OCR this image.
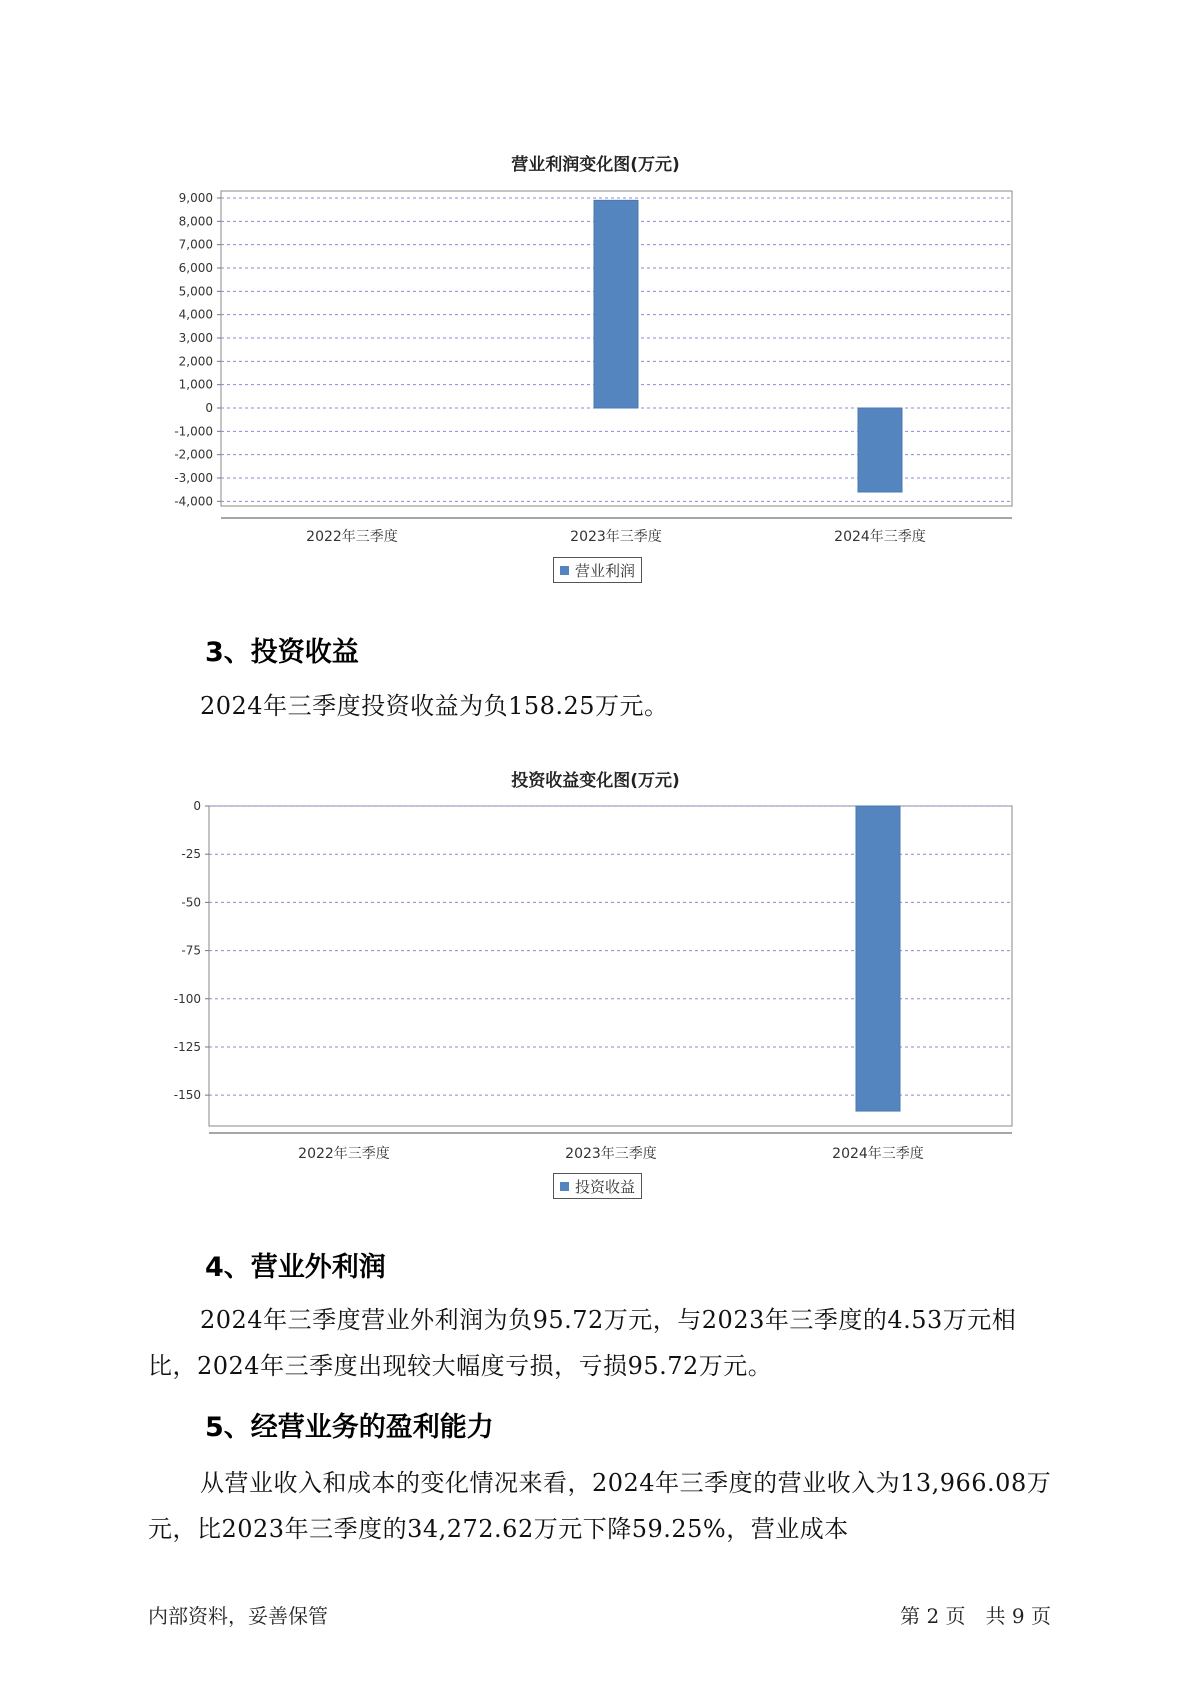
营业利润变化图(万元)
9,000
8,000
7,000
6,000
5,000
4,000
3,000
2,000
1,000
0
-1,000
-2,000
-3,000
-4,000
2022年三季度	2023年三季度	2024年三季度
营业利润
3、投资收益

2024年三季度投资收益为负158.25万元。

投资收益变化图(万元)
0
-25
-50
-75
-100
-125
-150
2022年三季度	2023年三季度	2024年三季度
投资收益
4、营业外利润

2024年三季度营业外利润为负95.72万元，与2023年三季度的4.53万元相比，2024年三季度出现较大幅度亏损，亏损95.72万元。

5、经营业务的盈利能力

从营业收入和成本的变化情况来看，2024年三季度的营业收入为13,966.08万元，比2023年三季度的34,272.62万元下降59.25%，营业成本

内部资料，妥善保管	第 2 页　共 9 页
